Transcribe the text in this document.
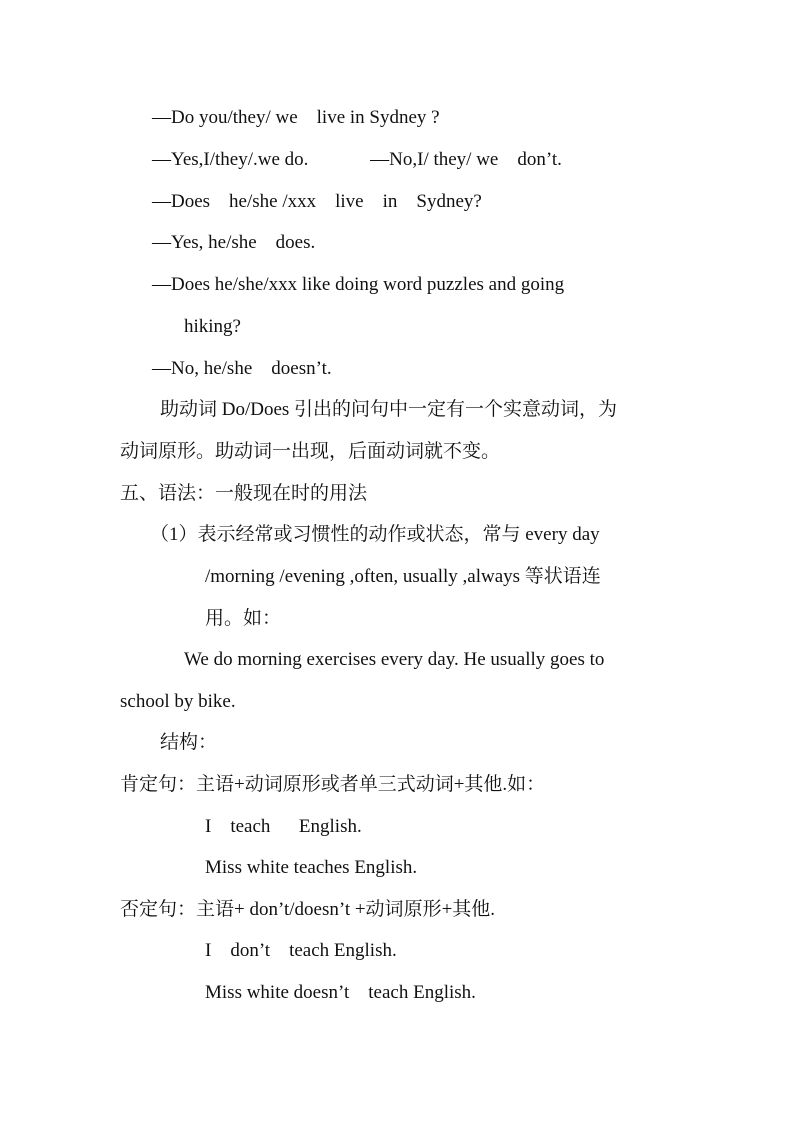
—Do you/they/ we    live in Sydney ?
—Yes,I/they/.we do.             —No,I/ they/ we    don’t.
—Does    he/she /xxx    live    in    Sydney?
—Yes, he/she    does.
—Does he/she/xxx like doing word puzzles and going
hiking?
—No, he/she    doesn’t.
助动词 Do/Does 引出的问句中一定有一个实意动词，为
动词原形。助动词一出现，后面动词就不变。
五、语法：一般现在时的用法
（1）表示经常或习惯性的动作或状态，常与 every day
/morning /evening ,often, usually ,always 等状语连
用。如：
We do morning exercises every day. He usually goes to
school by bike.
结构：
肯定句：主语+动词原形或者单三式动词+其他.如：
I    teach      English.
Miss white teaches English.
否定句：主语+ don’t/doesn’t +动词原形+其他.
I    don’t    teach English.
Miss white doesn’t    teach English.
